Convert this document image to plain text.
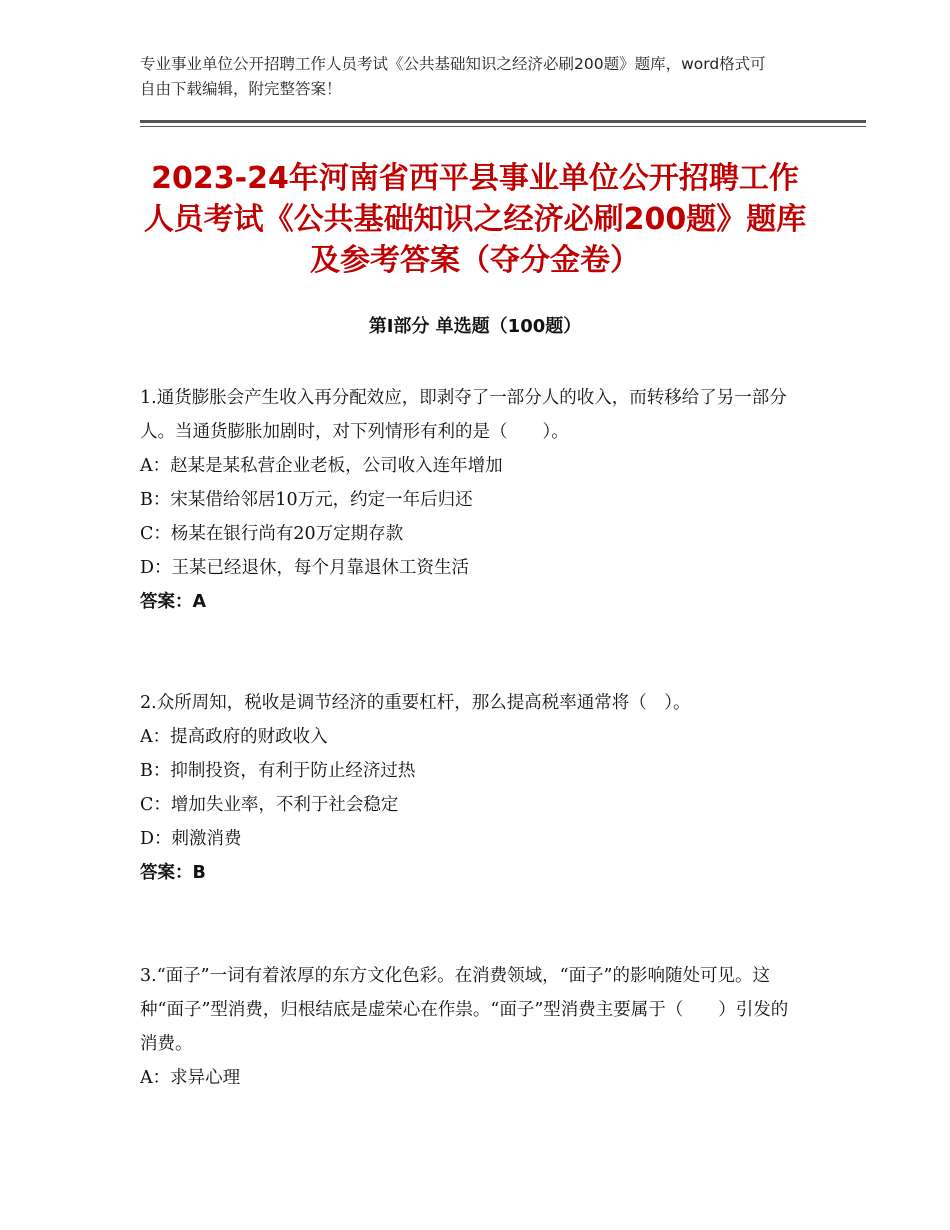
专业事业单位公开招聘工作人员考试《公共基础知识之经济必刷200题》题库，word格式可自由下载编辑，附完整答案！
2023-24年河南省西平县事业单位公开招聘工作人员考试《公共基础知识之经济必刷200题》题库及参考答案（夺分金卷）
第Ⅰ部分 单选题（100题）
1.通货膨胀会产生收入再分配效应，即剥夺了一部分人的收入，而转移给了另一部分人。当通货膨胀加剧时，对下列情形有利的是（　　）。
A：赵某是某私营企业老板，公司收入连年增加
B：宋某借给邻居10万元，约定一年后归还
C：杨某在银行尚有20万定期存款
D：王某已经退休，每个月靠退休工资生活
答案：A
2.众所周知，税收是调节经济的重要杠杆，那么提高税率通常将（　）。
A：提高政府的财政收入
B：抑制投资，有利于防止经济过热
C：增加失业率，不利于社会稳定
D：刺激消费
答案：B
3.“面子”一词有着浓厚的东方文化色彩。在消费领域，“面子”的影响随处可见。这种“面子”型消费，归根结底是虚荣心在作祟。“面子”型消费主要属于（　　）引发的消费。
A：求异心理
